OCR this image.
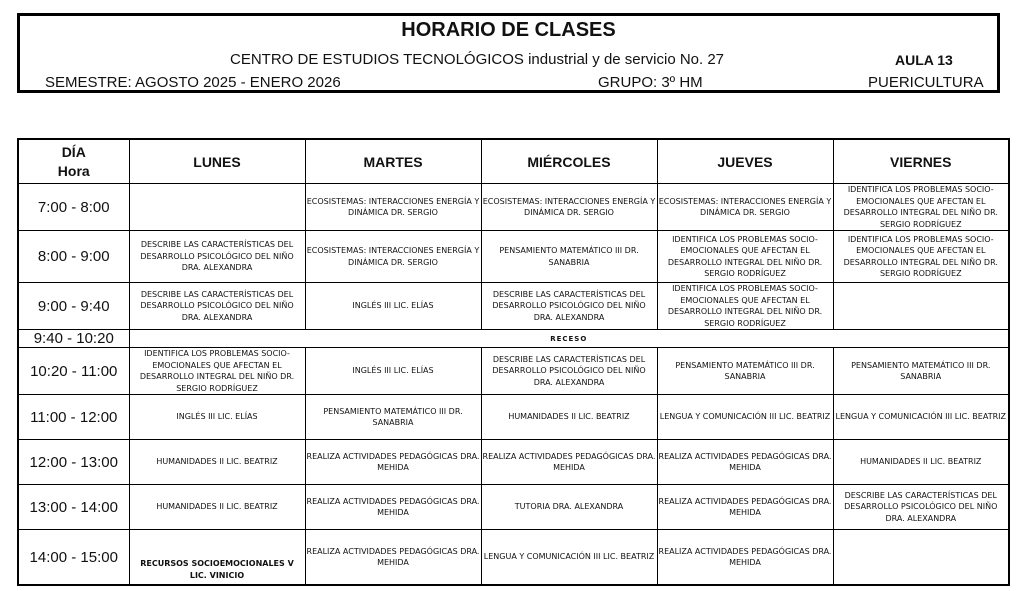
HORARIO DE CLASES
CENTRO DE ESTUDIOS TECNOLÓGICOS industrial y de servicio No. 27	AULA 13
SEMESTRE: AGOSTO 2025 - ENERO 2026	GRUPO: 3º HM	PUERICULTURA
DÍA
Hora	LUNES	MARTES	MIÉRCOLES	JUEVES	VIERNES
7:00 - 8:00		ECOSISTEMAS: INTERACCIONES ENERGÍA Y DINÁMICA DR. SERGIO	ECOSISTEMAS: INTERACCIONES ENERGÍA Y DINÁMICA DR. SERGIO	ECOSISTEMAS: INTERACCIONES ENERGÍA Y DINÁMICA DR. SERGIO	IDENTIFICA LOS PROBLEMAS SOCIO-EMOCIONALES QUE AFECTAN EL DESARROLLO INTEGRAL DEL NIÑO DR. SERGIO RODRÍGUEZ
8:00 - 9:00	DESCRIBE LAS CARACTERÍSTICAS DEL DESARROLLO PSICOLÓGICO DEL NIÑO DRA. ALEXANDRA	ECOSISTEMAS: INTERACCIONES ENERGÍA Y DINÁMICA DR. SERGIO	PENSAMIENTO MATEMÁTICO III DR. SANABRIA	IDENTIFICA LOS PROBLEMAS SOCIO-EMOCIONALES QUE AFECTAN EL DESARROLLO INTEGRAL DEL NIÑO DR. SERGIO RODRÍGUEZ	IDENTIFICA LOS PROBLEMAS SOCIO-EMOCIONALES QUE AFECTAN EL DESARROLLO INTEGRAL DEL NIÑO DR. SERGIO RODRÍGUEZ
9:00 - 9:40	DESCRIBE LAS CARACTERÍSTICAS DEL DESARROLLO PSICOLÓGICO DEL NIÑO DRA. ALEXANDRA	INGLÉS III LIC. ELÍAS	DESCRIBE LAS CARACTERÍSTICAS DEL DESARROLLO PSICOLÓGICO DEL NIÑO DRA. ALEXANDRA	IDENTIFICA LOS PROBLEMAS SOCIO-EMOCIONALES QUE AFECTAN EL DESARROLLO INTEGRAL DEL NIÑO DR. SERGIO RODRÍGUEZ	
9:40 - 10:20	RECESO				
10:20 - 11:00	IDENTIFICA LOS PROBLEMAS SOCIO-EMOCIONALES QUE AFECTAN EL DESARROLLO INTEGRAL DEL NIÑO DR. SERGIO RODRÍGUEZ	INGLÉS III LIC. ELÍAS	DESCRIBE LAS CARACTERÍSTICAS DEL DESARROLLO PSICOLÓGICO DEL NIÑO DRA. ALEXANDRA	PENSAMIENTO MATEMÁTICO III DR. SANABRIA	PENSAMIENTO MATEMÁTICO III DR. SANABRIA
11:00 - 12:00	INGLÉS III LIC. ELÍAS	PENSAMIENTO MATEMÁTICO III DR. SANABRIA	HUMANIDADES II LIC. BEATRIZ	LENGUA Y COMUNICACIÓN III LIC. BEATRIZ	LENGUA Y COMUNICACIÓN III LIC. BEATRIZ
12:00 - 13:00	HUMANIDADES II LIC. BEATRIZ	REALIZA ACTIVIDADES PEDAGÓGICAS DRA. MEHIDA	REALIZA ACTIVIDADES PEDAGÓGICAS DRA. MEHIDA	REALIZA ACTIVIDADES PEDAGÓGICAS DRA. MEHIDA	HUMANIDADES II LIC. BEATRIZ
13:00 - 14:00	HUMANIDADES II LIC. BEATRIZ	REALIZA ACTIVIDADES PEDAGÓGICAS DRA. MEHIDA	TUTORIA DRA. ALEXANDRA	REALIZA ACTIVIDADES PEDAGÓGICAS DRA. MEHIDA	DESCRIBE LAS CARACTERÍSTICAS DEL DESARROLLO PSICOLÓGICO DEL NIÑO DRA. ALEXANDRA
14:00 - 15:00	RECURSOS SOCIOEMOCIONALES V LIC. VINICIO	REALIZA ACTIVIDADES PEDAGÓGICAS DRA. MEHIDA	LENGUA Y COMUNICACIÓN III LIC. BEATRIZ	REALIZA ACTIVIDADES PEDAGÓGICAS DRA. MEHIDA	
